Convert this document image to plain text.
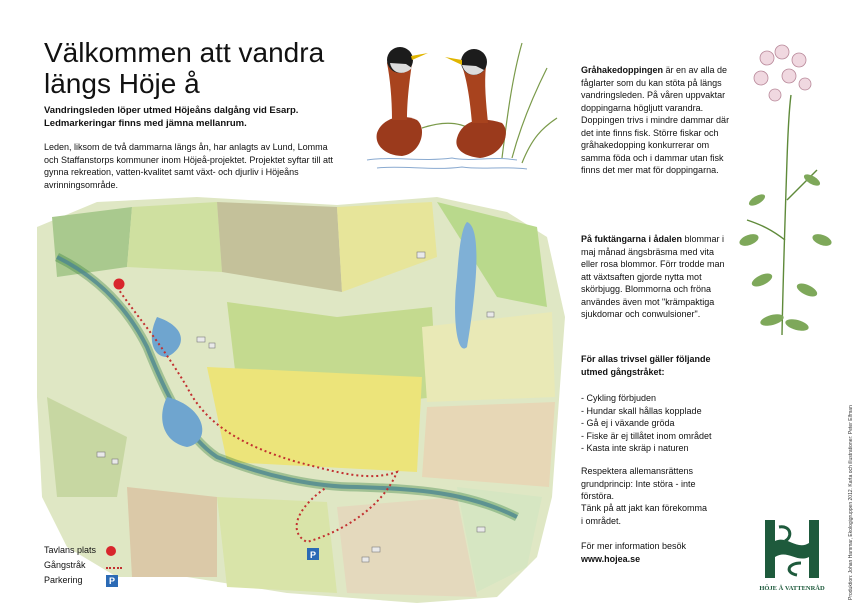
Välkommen att vandra
längs Höje å

Vandringsleden löper utmed Höjeåns dalgång vid Esarp. Ledmarkeringar finns med jämna mellanrum.

Leden, liksom de två dammarna längs ån, har anlagts av Lund, Lomma och Staffanstorps kommuner inom Höjeå-projektet. Projektet syftar till att gynna rekreation, vatten-kvalitet samt växt- och djurliv i Höjeåns avrinningsområde.

P
Tavlans plats
Gångstråk
Parkering	P

Gråhakedoppingen är en av alla de fåglarter som du kan stöta på längs vandringsleden. På våren uppvaktar doppingarna högljutt varandra. Doppingen trivs i mindre dammar där det inte finns fisk. Större fiskar och gråhakedopping konkurrerar om samma föda och i dammar utan fisk finns det mer mat för doppingarna.

På fuktängarna i ådalen blommar i maj månad ängsbräsma med vita eller rosa blommor. Förr trodde man att växtsaften gjorde nytta mot skörbjugg. Blommorna och fröna användes även mot "krämpaktiga sjukdomar och conwulsioner".

För allas trivsel gäller följande utmed gångstråket:

- Cykling förbjuden
- Hundar skall hållas kopplade
- Gå ej i växande gröda
- Fiske är ej tillåtet inom området
- Kasta inte skräp i naturen

Respektera allemansrättens grundprincip: Inte störa - inte förstöra.

Tänk på att jakt kan förekomma i området.

För mer information besök

www.hojea.se

HÖJE Å VATTENRÅD	Produktion: Johan Hammar, Ekologigruppen 2012. Karta och illustrationer: Peter Elfman
